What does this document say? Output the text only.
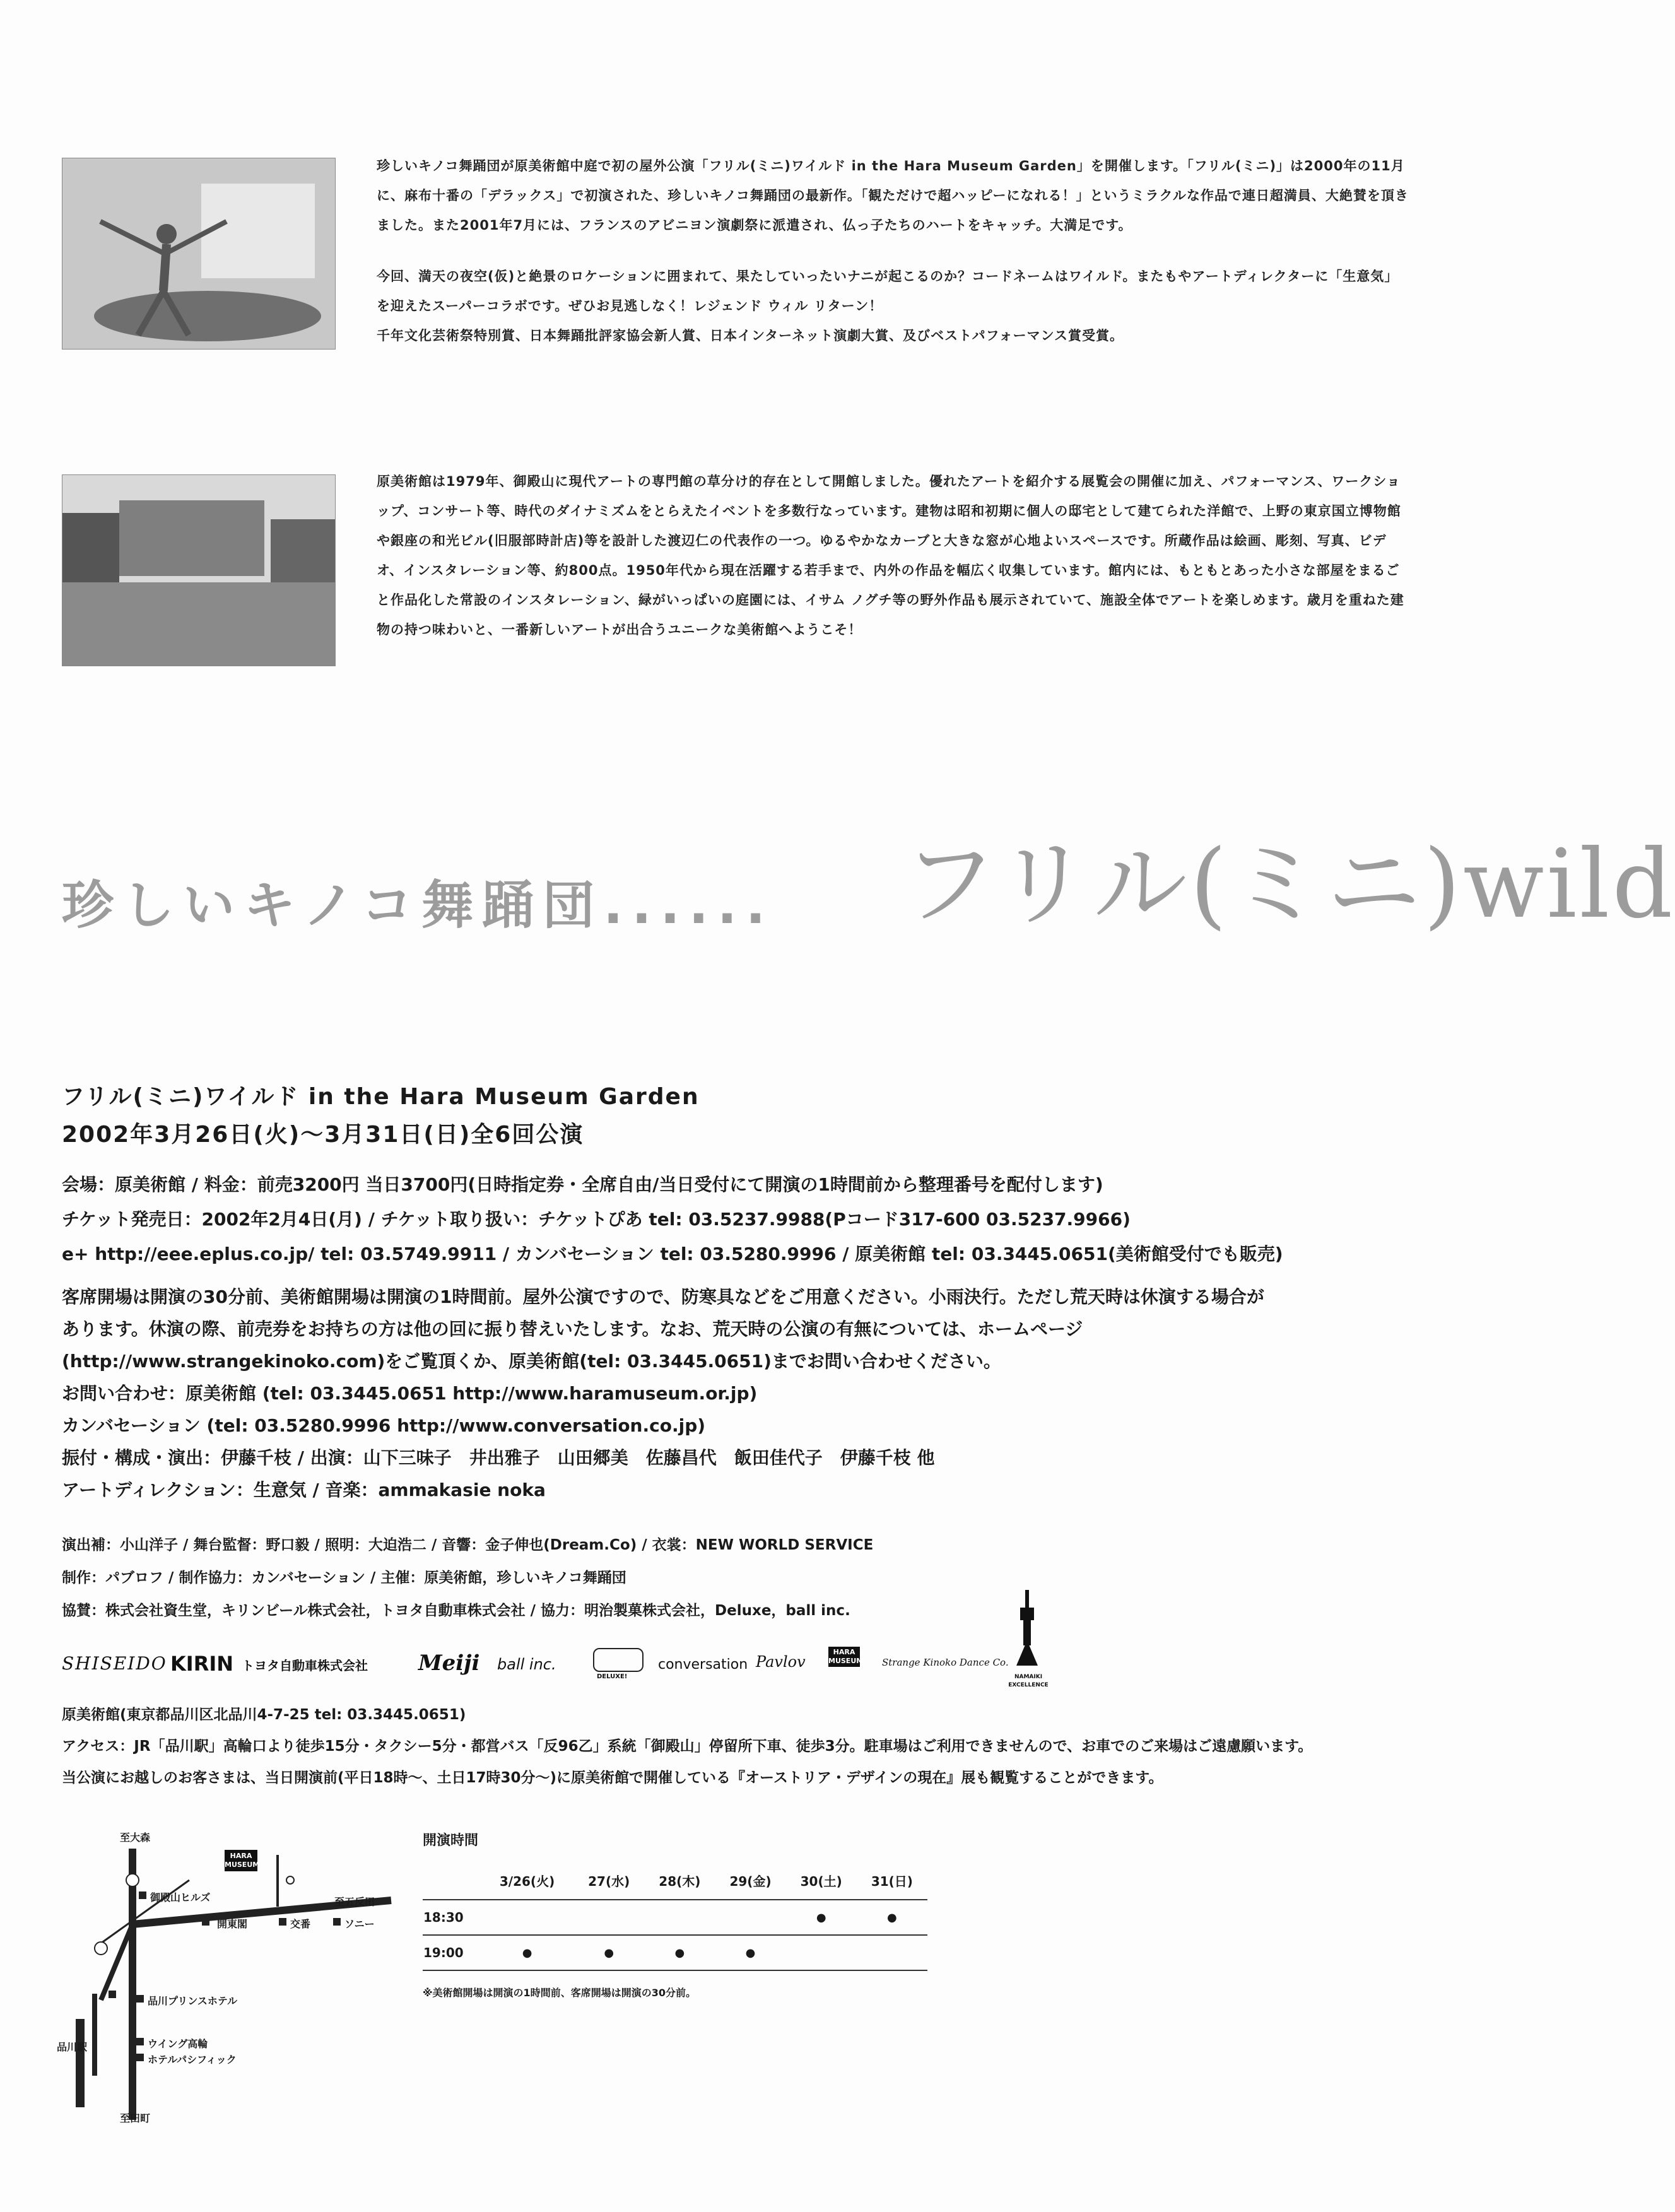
珍しいキノコ舞踊団が原美術館中庭で初の屋外公演「フリル(ミニ)ワイルド in the Hara Museum Garden」を開催します。「フリル(ミニ)」は2000年の11月に、麻布十番の「デラックス」で初演された、珍しいキノコ舞踊団の最新作。「観ただけで超ハッピーになれる！」というミラクルな作品で連日超満員、大絶賛を頂きました。また2001年7月には、フランスのアビニヨン演劇祭に派遣され、仏っ子たちのハートをキャッチ。大満足です。

今回、満天の夜空(仮)と絶景のロケーションに囲まれて、果たしていったいナニが起こるのか？コードネームはワイルド。またもやアートディレクターに「生意気」を迎えたスーパーコラボです。ぜひお見逃しなく！レジェンド ウィル リターン！
千年文化芸術祭特別賞、日本舞踊批評家協会新人賞、日本インターネット演劇大賞、及びベストパフォーマンス賞受賞。

原美術館は1979年、御殿山に現代アートの専門館の草分け的存在として開館しました。優れたアートを紹介する展覧会の開催に加え、パフォーマンス、ワークショップ、コンサート等、時代のダイナミズムをとらえたイベントを多数行なっています。建物は昭和初期に個人の邸宅として建てられた洋館で、上野の東京国立博物館や銀座の和光ビル(旧服部時計店)等を設計した渡辺仁の代表作の一つ。ゆるやかなカーブと大きな窓が心地よいスペースです。所蔵作品は絵画、彫刻、写真、ビデオ、インスタレーション等、約800点。1950年代から現在活躍する若手まで、内外の作品を幅広く収集しています。館内には、もともとあった小さな部屋をまるごと作品化した常設のインスタレーション、緑がいっぱいの庭園には、イサム ノグチ等の野外作品も展示されていて、施設全体でアートを楽しめます。歳月を重ねた建物の持つ味わいと、一番新しいアートが出合うユニークな美術館へようこそ！

珍しいキノコ舞踊団...... フリル(ミニ)wild
フリル(ミニ)ワイルド in the Hara Museum Garden
2002年3月26日(火)～3月31日(日)全6回公演
会場：原美術館 / 料金：前売3200円 当日3700円(日時指定券・全席自由/当日受付にて開演の1時間前から整理番号を配付します)
チケット発売日：2002年2月4日(月) / チケット取り扱い：チケットぴあ tel: 03.5237.9988(Pコード317-600 03.5237.9966)
e+ http://eee.eplus.co.jp/ tel: 03.5749.9911 / カンバセーション tel: 03.5280.9996 / 原美術館 tel: 03.3445.0651(美術館受付でも販売)
客席開場は開演の30分前、美術館開場は開演の1時間前。屋外公演ですので、防寒具などをご用意ください。小雨決行。ただし荒天時は休演する場合が
あります。休演の際、前売券をお持ちの方は他の回に振り替えいたします。なお、荒天時の公演の有無については、ホームページ
(http://www.strangekinoko.com)をご覧頂くか、原美術館(tel: 03.3445.0651)までお問い合わせください。
お問い合わせ：原美術館 (tel: 03.3445.0651 http://www.haramuseum.or.jp)
カンバセーション (tel: 03.5280.9996 http://www.conversation.co.jp)
振付・構成・演出：伊藤千枝 / 出演：山下三味子　井出雅子　山田郷美　佐藤昌代　飯田佳代子　伊藤千枝 他
アートディレクション：生意気 / 音楽：ammakasie noka
演出補：小山洋子 / 舞台監督：野口毅 / 照明：大迫浩二 / 音響：金子伸也(Dream.Co) / 衣裳：NEW WORLD SERVICE
制作：パブロフ / 制作協力：カンバセーション / 主催：原美術館，珍しいキノコ舞踊団
協賛：株式会社資生堂，キリンビール株式会社，トヨタ自動車株式会社 / 協力：明治製菓株式会社，Deluxe，ball inc.
SHISEIDO KIRIN トヨタ自動車株式会社 Meiji ball inc.
DELUXE!
conversation Pavlov
HARA MUSEUM Strange Kinoko Dance Co.
NAMAIKI EXCELLENCE
原美術館(東京都品川区北品川4-7-25 tel: 03.3445.0651)
アクセス：JR「品川駅」高輪口より徒歩15分・タクシー5分・都営バス「反96乙」系統「御殿山」停留所下車、徒歩3分。駐車場はご利用できませんので、お車でのご来場はご遠慮願います。
当公演にお越しのお客さまは、当日開演前(平日18時～、土日17時30分～)に原美術館で開催している『オーストリア・デザインの現在』展も観覧することができます。
至大森
HARA MUSEUM
御殿山ヒルズ	至五反田
開東閣	交番	ソニー
品川プリンスホテル
ウイング高輪
ホテルパシフィック
品川駅
至田町
開演時間
	3/26(火)	27(水)	28(木)	29(金)	30(土)	31(日)
18:30					●	●
19:00	●	●	●	●		
※美術館開場は開演の1時間前、客席開場は開演の30分前。
